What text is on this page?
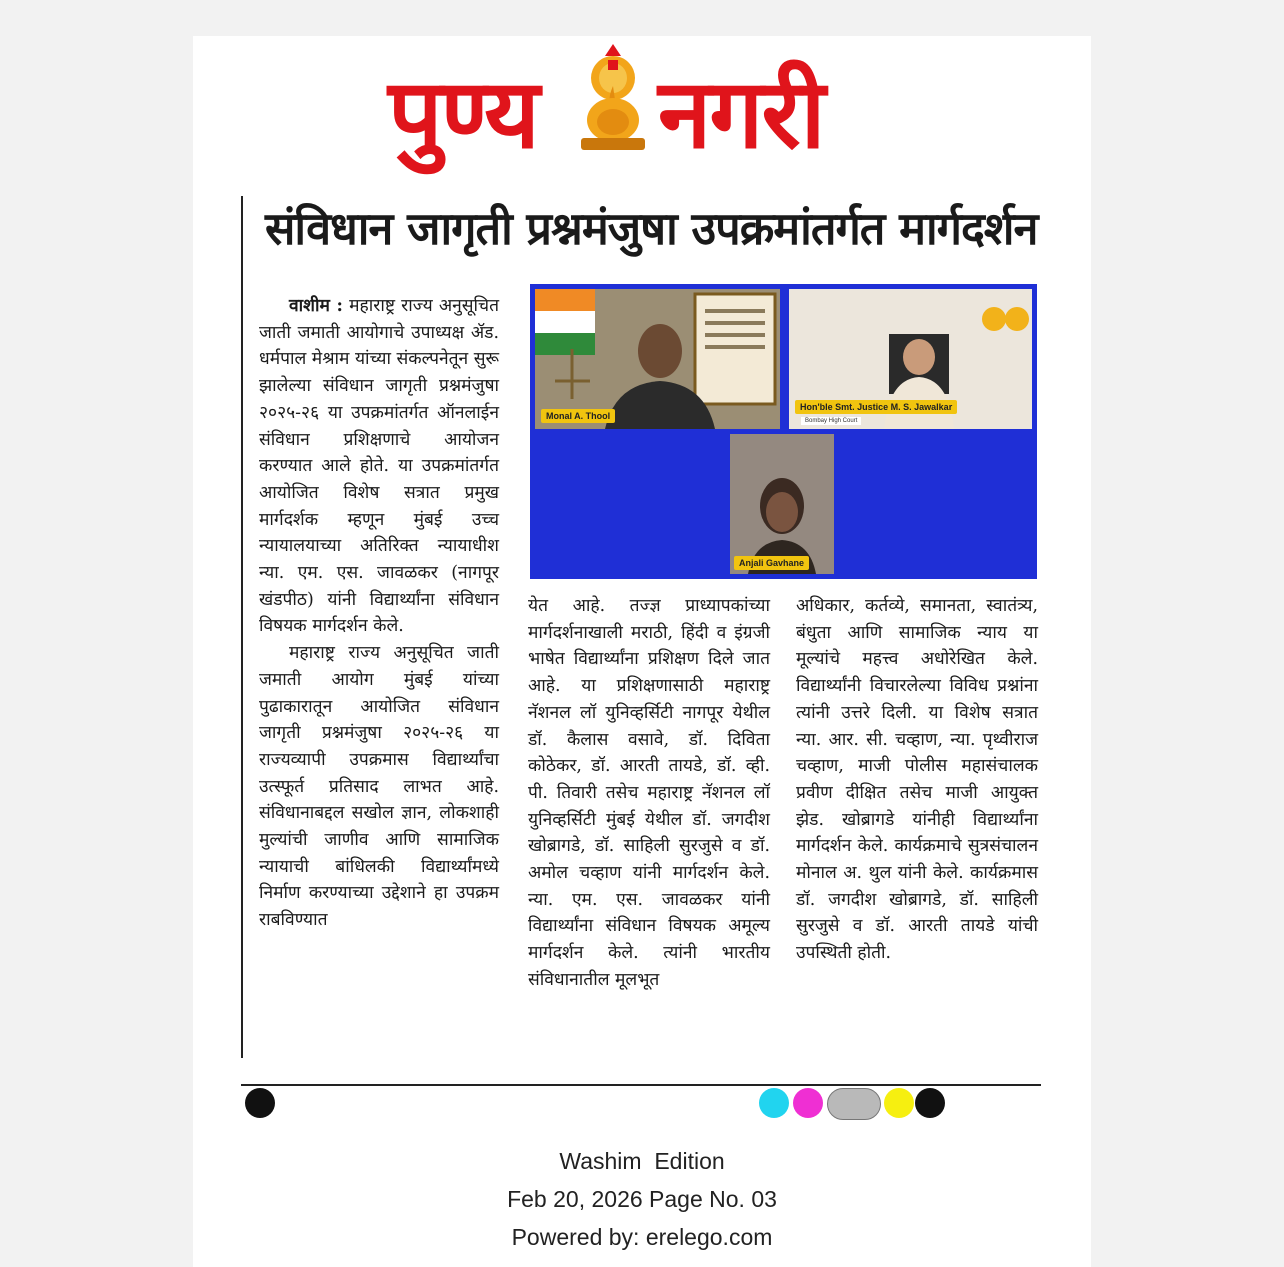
पुण्य नगरी
संविधान जागृती प्रश्नमंजुषा उपक्रमांतर्गत मार्गदर्शन

वाशीम : महाराष्ट्र राज्य अनुसूचित जाती जमाती आयोगाचे उपाध्यक्ष ॲड. धर्मपाल मेश्राम यांच्या संकल्पनेतून सुरू झालेल्या संविधान जागृती प्रश्नमंजुषा २०२५-२६ या उपक्रमांतर्गत ऑनलाईन संविधान प्रशिक्षणाचे आयोजन करण्यात आले होते. या उपक्रमांतर्गत आयोजित विशेष सत्रात प्रमुख मार्गदर्शक म्हणून मुंबई उच्च न्यायालयाच्या अतिरिक्त न्यायाधीश न्या. एम. एस. जावळकर (नागपूर खंडपीठ) यांनी विद्यार्थ्यांना संविधान विषयक मार्गदर्शन केले.

महाराष्ट्र राज्य अनुसूचित जाती जमाती आयोग मुंबई यांच्या पुढाकारातून आयोजित संविधान जागृती प्रश्नमंजुषा २०२५-२६ या राज्यव्यापी उपक्रमास विद्यार्थ्यांचा उत्स्फूर्त प्रतिसाद लाभत आहे. संविधानाबद्दल सखोल ज्ञान, लोकशाही मुल्यांची जाणीव आणि सामाजिक न्यायाची बांधिलकी विद्यार्थ्यांमध्ये निर्माण करण्याच्या उद्देशाने हा उपक्रम राबविण्यात

Monal A. Thool
Hon'ble Smt. Justice M. S. Jawalkar
Bombay High Court
Anjali Gavhane

येत आहे. तज्ज्ञ प्राध्यापकांच्या मार्गदर्शनाखाली मराठी, हिंदी व इंग्रजी भाषेत विद्यार्थ्यांना प्रशिक्षण दिले जात आहे. या प्रशिक्षणासाठी महाराष्ट्र नॅशनल लॉ युनिव्हर्सिटी नागपूर येथील डॉ. कैलास वसावे, डॉ. दिविता कोठेकर, डॉ. आरती तायडे, डॉ. व्ही. पी. तिवारी तसेच महाराष्ट्र नॅशनल लॉ युनिव्हर्सिटी मुंबई येथील डॉ. जगदीश खोब्रागडे, डॉ. साहिली सुरजुसे व डॉ. अमोल चव्हाण यांनी मार्गदर्शन केले. न्या. एम. एस. जावळकर यांनी विद्यार्थ्यांना संविधान विषयक अमूल्य मार्गदर्शन केले. त्यांनी भारतीय संविधानातील मूलभूत

अधिकार, कर्तव्ये, समानता, स्वातंत्र्य, बंधुता आणि सामाजिक न्याय या मूल्यांचे महत्त्व अधोरेखित केले. विद्यार्थ्यांनी विचारलेल्या विविध प्रश्नांना त्यांनी उत्तरे दिली. या विशेष सत्रात न्या. आर. सी. चव्हाण, न्या. पृथ्वीराज चव्हाण, माजी पोलीस महासंचालक प्रवीण दीक्षित तसेच माजी आयुक्त झेड. खोब्रागडे यांनीही विद्यार्थ्यांना मार्गदर्शन केले. कार्यक्रमाचे सुत्रसंचालन मोनाल अ. थुल यांनी केले. कार्यक्रमास डॉ. जगदीश खोब्रागडे, डॉ. साहिली सुरजुसे व डॉ. आरती तायडे यांची उपस्थिती होती.

Washim  Edition
Feb 20, 2026 Page No. 03
Powered by: erelego.com
